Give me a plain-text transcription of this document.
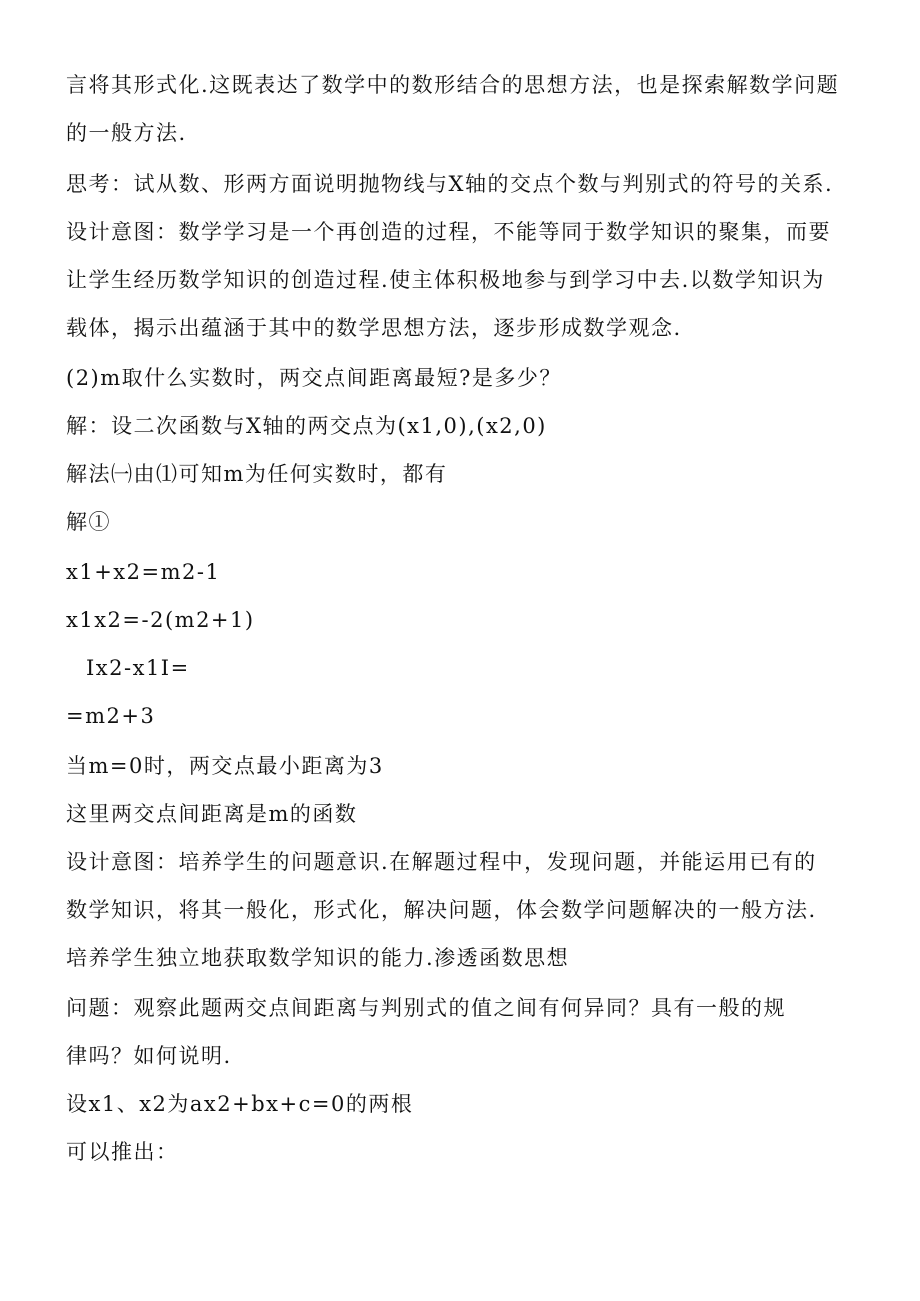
言将其形式化.这既表达了数学中的数形结合的思想方法，也是探索解数学问题
的一般方法.
思考：试从数、形两方面说明抛物线与X轴的交点个数与判别式的符号的关系.
设计意图：数学学习是一个再创造的过程，不能等同于数学知识的聚集，而要
让学生经历数学知识的创造过程.使主体积极地参与到学习中去.以数学知识为
载体，揭示出蕴涵于其中的数学思想方法，逐步形成数学观念.
(2)m取什么实数时，两交点间距离最短?是多少？
解：设二次函数与X轴的两交点为(x1,0),(x2,0)
解法㈠由⑴可知m为任何实数时，都有
解①
x1+x2=m2-1
x1x2=-2(m2+1)
Ix2-x1I=
=m2+3
当m=0时，两交点最小距离为3
这里两交点间距离是m的函数
设计意图：培养学生的问题意识.在解题过程中，发现问题，并能运用已有的
数学知识，将其一般化，形式化，解决问题，体会数学问题解决的一般方法.
培养学生独立地获取数学知识的能力.渗透函数思想
问题：观察此题两交点间距离与判别式的值之间有何异同？具有一般的规
律吗？如何说明.
设x1、x2为ax2+bx+c=0的两根
可以推出：
